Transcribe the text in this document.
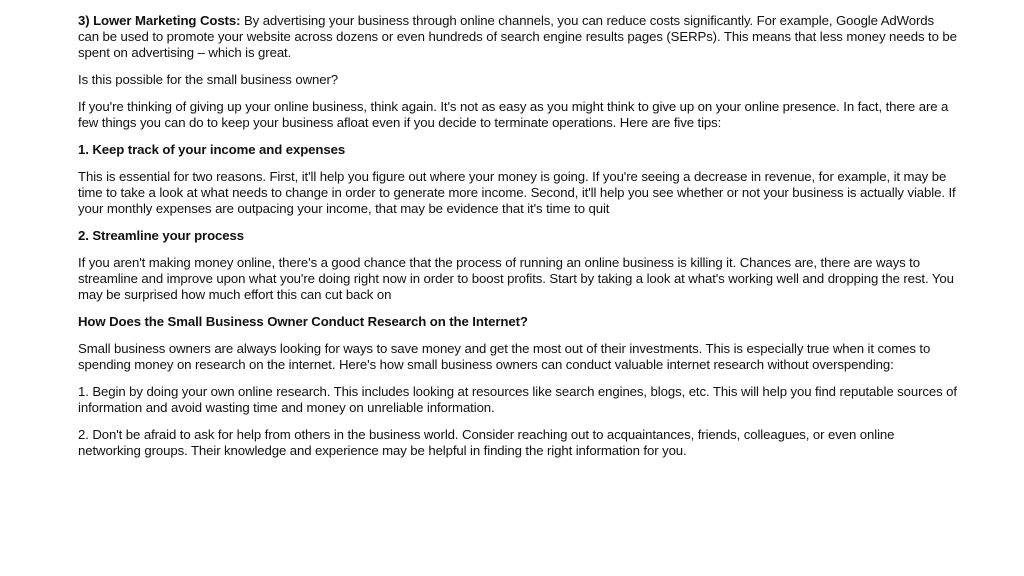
3) Lower Marketing Costs: By advertising your business through online channels, you can reduce costs significantly. For example, Google AdWords can be used to promote your website across dozens or even hundreds of search engine results pages (SERPs). This means that less money needs to be spent on advertising – which is great.

Is this possible for the small business owner?

If you're thinking of giving up your online business, think again. It's not as easy as you might think to give up on your online presence. In fact, there are a few things you can do to keep your business afloat even if you decide to terminate operations. Here are five tips:

1. Keep track of your income and expenses

This is essential for two reasons. First, it'll help you figure out where your money is going. If you're seeing a decrease in revenue, for example, it may be time to take a look at what needs to change in order to generate more income. Second, it'll help you see whether or not your business is actually viable. If your monthly expenses are outpacing your income, that may be evidence that it's time to quit

2. Streamline your process

If you aren't making money online, there's a good chance that the process of running an online business is killing it. Chances are, there are ways to streamline and improve upon what you're doing right now in order to boost profits. Start by taking a look at what's working well and dropping the rest. You may be surprised how much effort this can cut back on

How Does the Small Business Owner Conduct Research on the Internet?

Small business owners are always looking for ways to save money and get the most out of their investments. This is especially true when it comes to spending money on research on the internet. Here's how small business owners can conduct valuable internet research without overspending:

1. Begin by doing your own online research. This includes looking at resources like search engines, blogs, etc. This will help you find reputable sources of information and avoid wasting time and money on unreliable information.

2. Don't be afraid to ask for help from others in the business world. Consider reaching out to acquaintances, friends, colleagues, or even online networking groups. Their knowledge and experience may be helpful in finding the right information for you.
